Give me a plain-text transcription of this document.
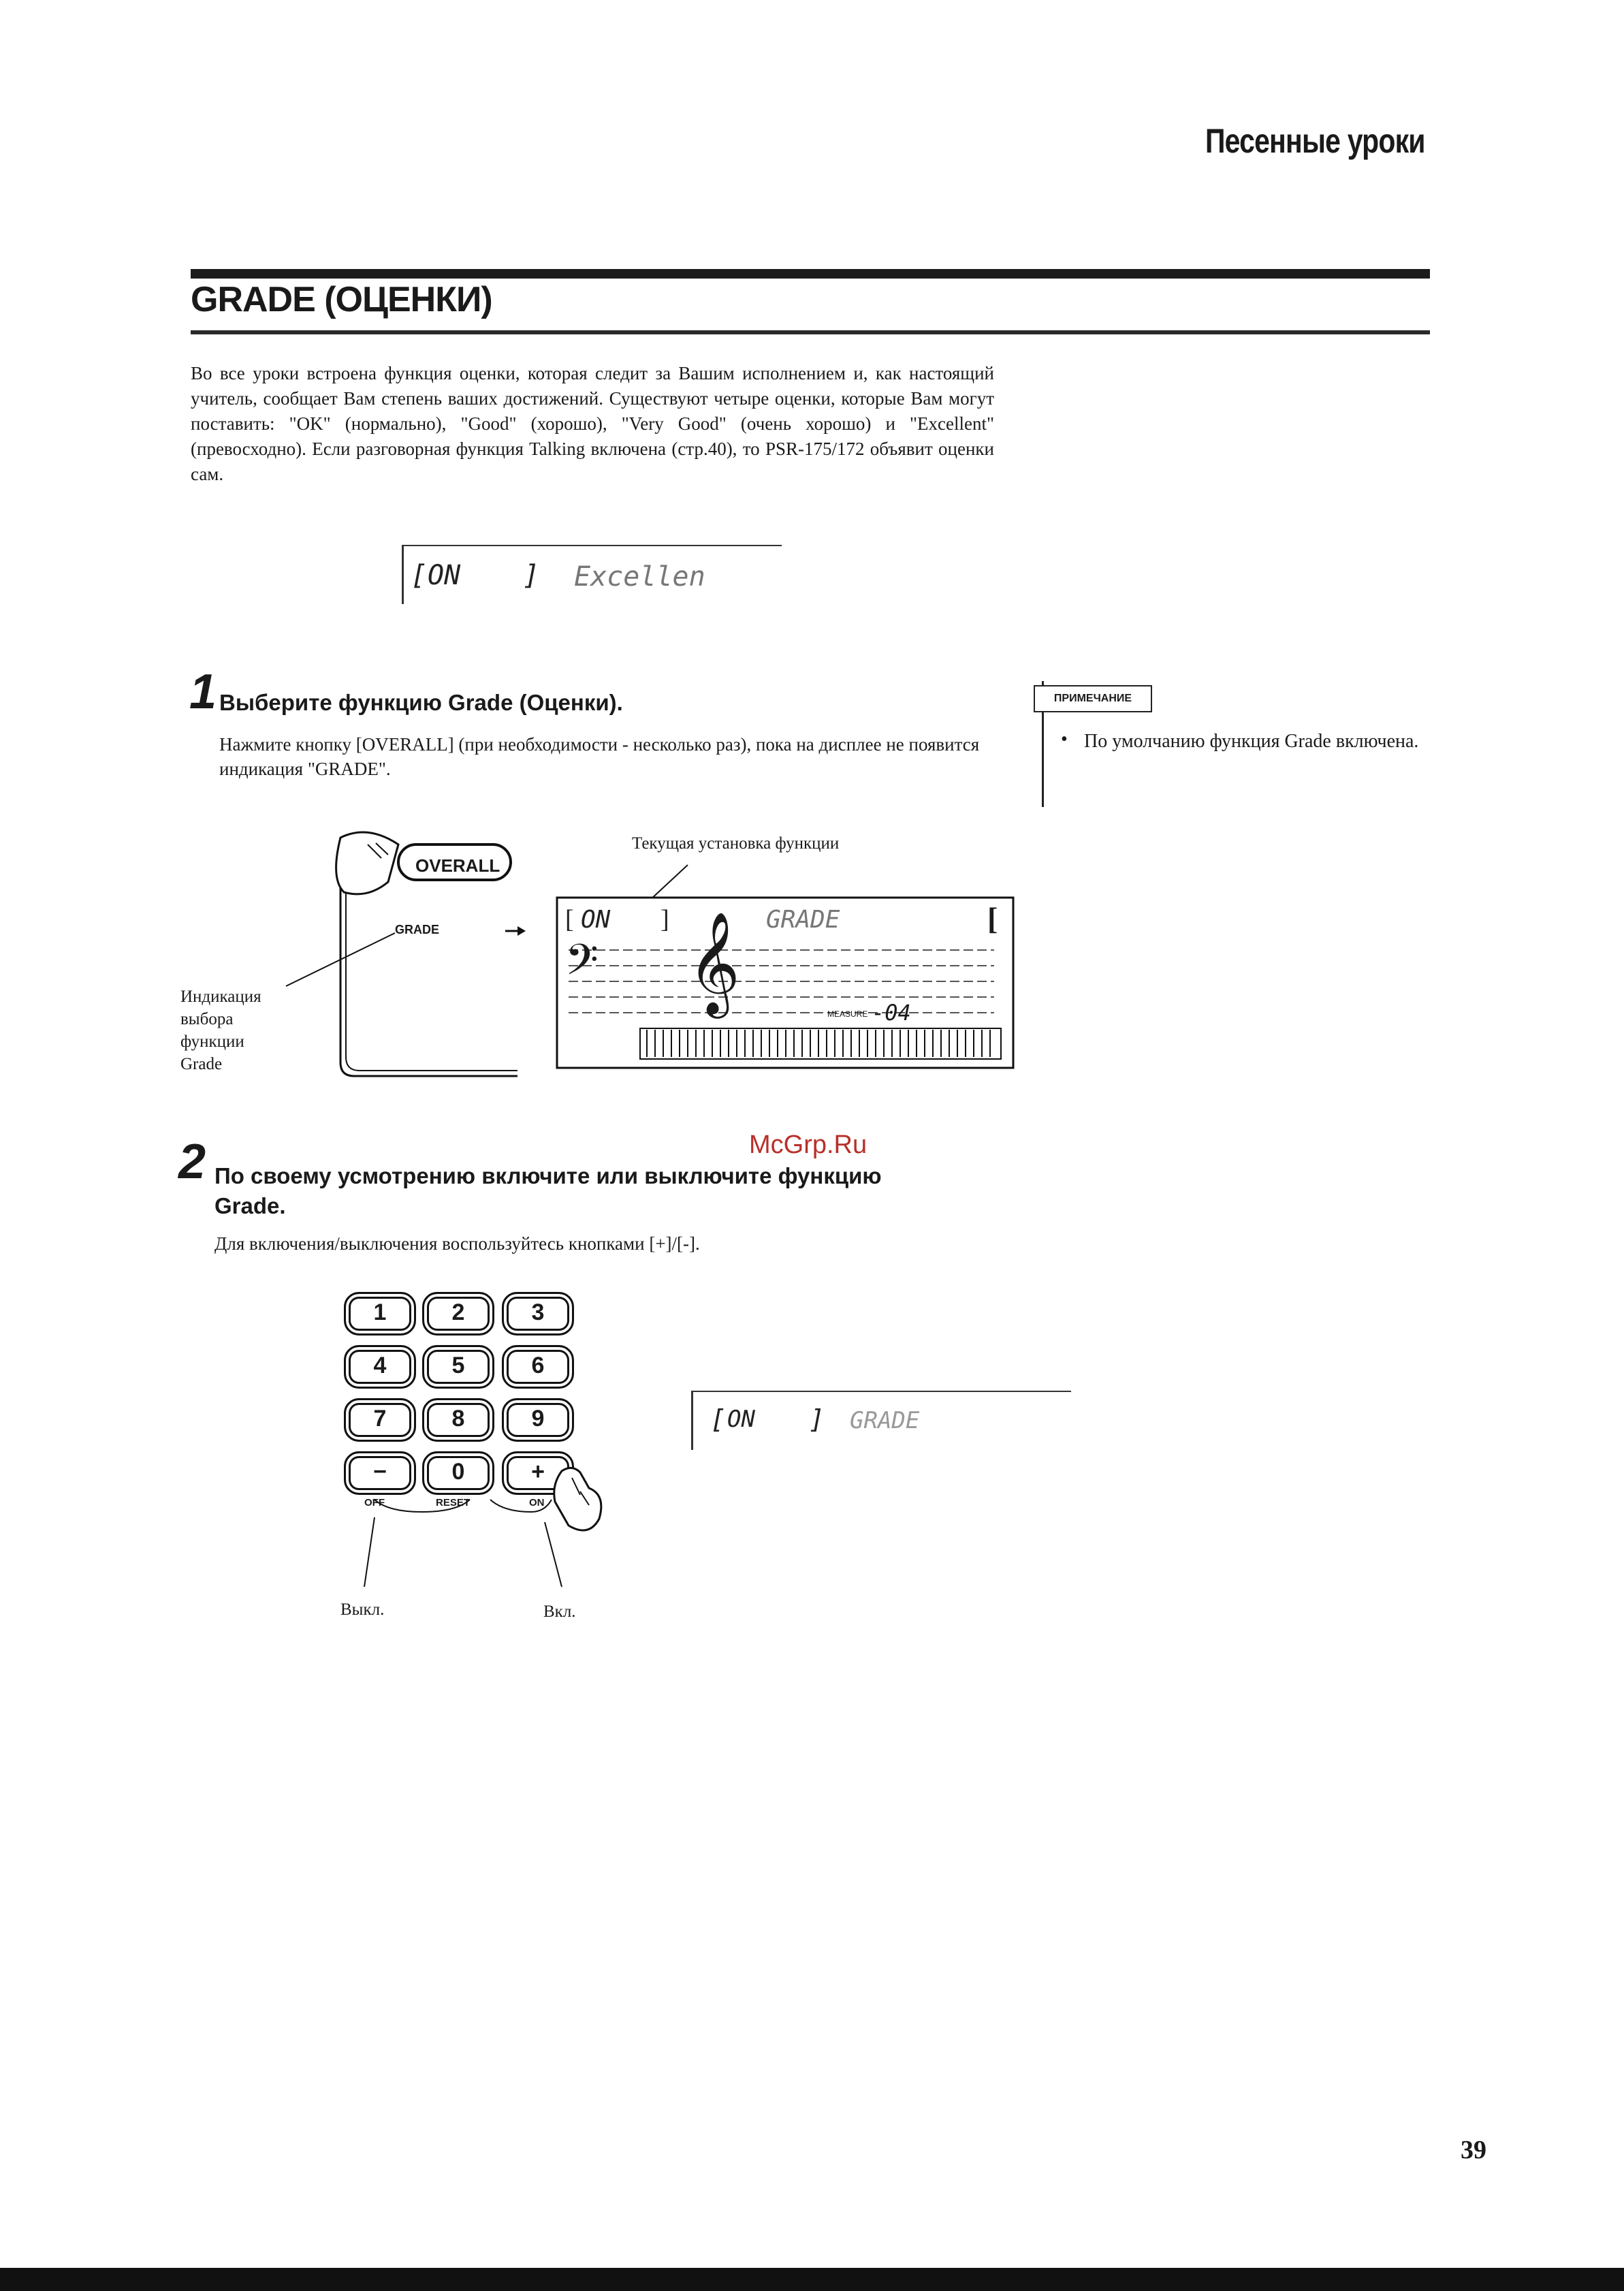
Песенные уроки
GRADE (ОЦЕНКИ)
Во все уроки встроена функция оценки, которая следит за Вашим исполнением и, как настоящий учитель, сообщает Вам степень ваших достижений. Существуют четыре оценки, которые Вам могут поставить: "OK" (нормально), "Good" (хорошо), "Very Good" (очень хорошо) и "Excellent" (превосходно). Если разговорная функция Talking включена (стр.40), то PSR-175/172 объявит оценки сам.
[ ON ] Excellen
1 Выберите функцию Grade (Оценки).
Нажмите кнопку [OVERALL] (при необходимости - несколько раз), пока на дисплее не появится индикация "GRADE".
ПРИМЕЧАНИЕ
• По умолчанию функция Grade включена.
OVERALL
GRADE
Текущая установка функции
Индикация выбора функции Grade
[ ON ]	GRADE	[
𝄢 𝄞
MEASURE -04
McGrp.Ru
2 По своему усмотрению включите или выключите функцию Grade.
Для включения/выключения воспользуйтесь кнопками [+]/[-].
1	2	3
4	5	6
7	8	9
−	0	+
OFF	RESET	ON
Выкл.	Вкл.
[ ON ] GRADE
39
